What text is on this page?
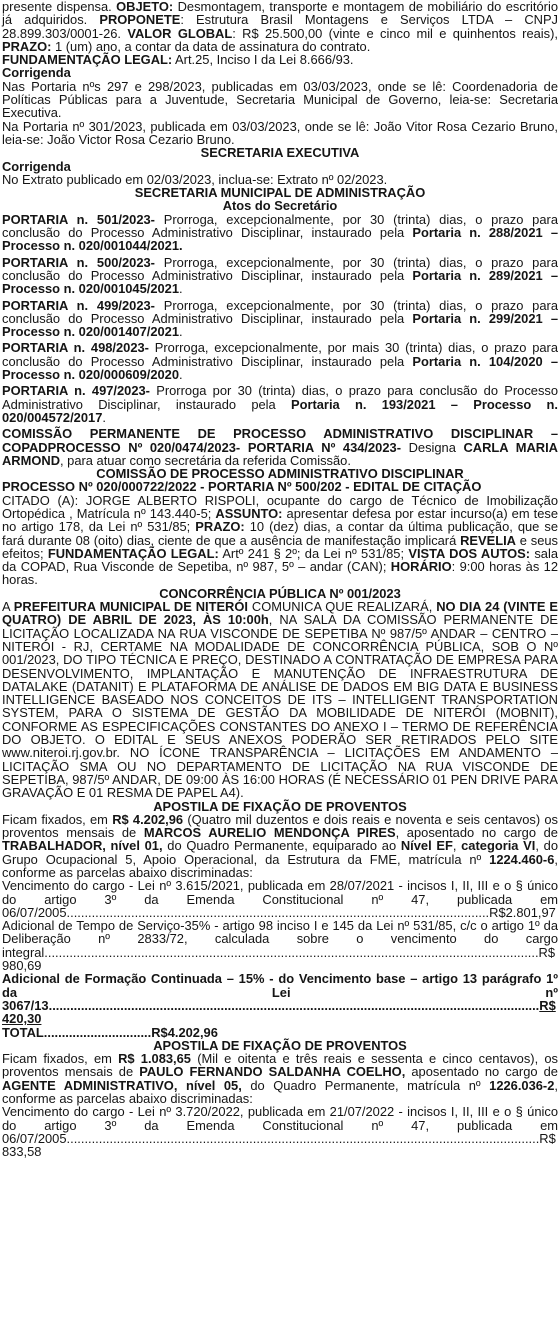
presente dispensa. OBJETO: Desmontagem, transporte e montagem de mobiliário do escritório já adquiridos. PROPONETE: Estrutura Brasil Montagens e Serviços LTDA – CNPJ 28.899.303/0001-26. VALOR GLOBAL: R$ 25.500,00 (vinte e cinco mil e quinhentos reais), PRAZO: 1 (um) ano, a contar da data de assinatura do contrato.

FUNDAMENTAÇÃO LEGAL: Art.25, Inciso I da Lei 8.666/93.

Corrigenda

Nas Portaria nºs 297 e 298/2023, publicadas em 03/03/2023, onde se lê: Coordenadoria de Políticas Públicas para a Juventude, Secretaria Municipal de Governo, leia-se: Secretaria Executiva.

Na Portaria nº 301/2023, publicada em 03/03/2023, onde se lê: João Vitor Rosa Cezario Bruno, leia-se: João Victor Rosa Cezario Bruno.

SECRETARIA EXECUTIVA

Corrigenda

No Extrato publicado em 02/03/2023, inclua-se: Extrato nº 02/2023.

SECRETARIA MUNICIPAL DE ADMINISTRAÇÃO

Atos do Secretário

PORTARIA n. 501/2023- Prorroga, excepcionalmente, por 30 (trinta) dias, o prazo para conclusão do Processo Administrativo Disciplinar, instaurado pela Portaria n. 288/2021 – Processo n. 020/001044/2021.

PORTARIA n. 500/2023- Prorroga, excepcionalmente, por 30 (trinta) dias, o prazo para conclusão do Processo Administrativo Disciplinar, instaurado pela Portaria n. 289/2021 – Processo n. 020/001045/2021.

PORTARIA n. 499/2023- Prorroga, excepcionalmente, por 30 (trinta) dias, o prazo para conclusão do Processo Administrativo Disciplinar, instaurado pela Portaria n. 299/2021 – Processo n. 020/001407/2021.

PORTARIA n. 498/2023- Prorroga, excepcionalmente, por mais 30 (trinta) dias, o prazo para conclusão do Processo Administrativo Disciplinar, instaurado pela Portaria n. 104/2020 – Processo n. 020/000609/2020.

PORTARIA n. 497/2023- Prorroga por 30 (trinta) dias, o prazo para conclusão do Processo Administrativo Disciplinar, instaurado pela Portaria n. 193/2021 – Processo n. 020/004572/2017.

COMISSÃO PERMANENTE DE PROCESSO ADMINISTRATIVO DISCIPLINAR – COPADPROCESSO Nº 020/0474/2023- PORTARIA Nº 434/2023- Designa CARLA MARIA ARMOND, para atuar como secretária da referida Comissão.

COMISSÃO DE PROCESSO ADMINISTRATIVO DISCIPLINAR

PROCESSO Nº 020/000722/2022 - PORTARIA Nº 500/202 - EDITAL DE CITAÇÃO

CITADO (A): JORGE ALBERTO RISPOLI, ocupante do cargo de Técnico de Imobilização Ortopédica , Matrícula nº 143.440-5; ASSUNTO: apresentar defesa por estar incurso(a) em tese no artigo 178, da Lei nº 531/85; PRAZO: 10 (dez) dias, a contar da última publicação, que se fará durante 08 (oito) dias, ciente de que a ausência de manifestação implicará REVELIA e seus efeitos; FUNDAMENTAÇÃO LEGAL: Artº 241 § 2º; da Lei nº 531/85; VISTA DOS AUTOS: sala da COPAD, Rua Visconde de Sepetiba, nº 987, 5º – andar (CAN); HORÁRIO: 9:00 horas às 12 horas.

CONCORRÊNCIA PÚBLICA Nº 001/2023

A PREFEITURA MUNICIPAL DE NITERÓI COMUNICA QUE REALIZARÁ, NO DIA 24 (VINTE E QUATRO) DE ABRIL DE 2023, ÀS 10:00h, NA SALA DA COMISSÃO PERMANENTE DE LICITAÇÃO LOCALIZADA NA RUA VISCONDE DE SEPETIBA Nº 987/5º ANDAR – CENTRO – NITERÓI - RJ, CERTAME NA MODALIDADE DE CONCORRÊNCIA PÚBLICA, SOB O Nº 001/2023, DO TIPO TÉCNICA E PREÇO, DESTINADO A CONTRATAÇÃO DE EMPRESA PARA DESENVOLVIMENTO, IMPLANTAÇÃO E MANUTENÇÃO DE INFRAESTRUTURA DE DATALAKE (DATANIT) E PLATAFORMA DE ANÁLISE DE DADOS EM BIG DATA E BUSINESS INTELLIGENCE BASEADO NOS CONCEITOS DE ITS – INTELLIGENT TRANSPORTATION SYSTEM, PARA O SISTEMA DE GESTÃO DA MOBILIDADE DE NITERÓI (MOBNIT), CONFORME AS ESPECIFICAÇÕES CONSTANTES DO ANEXO I – TERMO DE REFERÊNCIA DO OBJETO. O EDITAL E SEUS ANEXOS PODERÃO SER RETIRADOS PELO SITE www.niteroi.rj.gov.br. NO ÍCONE TRANSPARÊNCIA – LICITAÇÕES EM ANDAMENTO – LICITAÇÃO SMA OU NO DEPARTAMENTO DE LICITAÇÃO NA RUA VISCONDE DE SEPETIBA, 987/5º ANDAR, DE 09:00 ÀS 16:00 HORAS (É NECESSÁRIO 01 PEN DRIVE PARA GRAVAÇÃO E 01 RESMA DE PAPEL A4).

APOSTILA DE FIXAÇÃO DE PROVENTOS

Ficam fixados, em R$ 4.202,96 (Quatro mil duzentos e dois reais e noventa e seis centavos) os proventos mensais de MARCOS AURELIO MENDONÇA PIRES, aposentado no cargo de TRABALHADOR, nível 01, do Quadro Permanente, equiparado ao Nível EF, categoria VI, do Grupo Ocupacional 5, Apoio Operacional, da Estrutura da FME, matrícula nº 1224.460-6, conforme as parcelas abaixo discriminadas:

Vencimento do cargo - Lei nº 3.615/2021, publicada em 28/07/2021 - incisos I, II, III e o § único do artigo 3º da Emenda Constitucional nº 47, publicada em 06/07/2005......................................................................................................................R$2.801,97

Adicional de Tempo de Serviço-35% - artigo 98 inciso I e 145 da Lei nº 531/85, c/c o artigo 1º da Deliberação nº 2833/72, calculada sobre o vencimento do cargo integral..........................................................................................................................................R$ 980,69

Adicional de Formação Continuada – 15% - do Vencimento base – artigo 13 parágrafo 1º da Lei nº 3067/13.........................................................................................................................................R$ 420,30

TOTAL..............................R$4.202,96

APOSTILA DE FIXAÇÃO DE PROVENTOS

Ficam fixados, em R$ 1.083,65 (Mil e oitenta e três reais e sessenta e cinco centavos), os proventos mensais de PAULO FERNANDO SALDANHA COELHO, aposentado no cargo de AGENTE ADMINISTRATIVO, nível 05, do Quadro Permanente, matrícula nº 1226.036-2, conforme as parcelas abaixo discriminadas:

Vencimento do cargo - Lei nº 3.720/2022, publicada em 21/07/2022 - incisos I, II, III e o § único do artigo 3º da Emenda Constitucional nº 47, publicada em 06/07/2005....................................................................................................................................R$ 833,58
